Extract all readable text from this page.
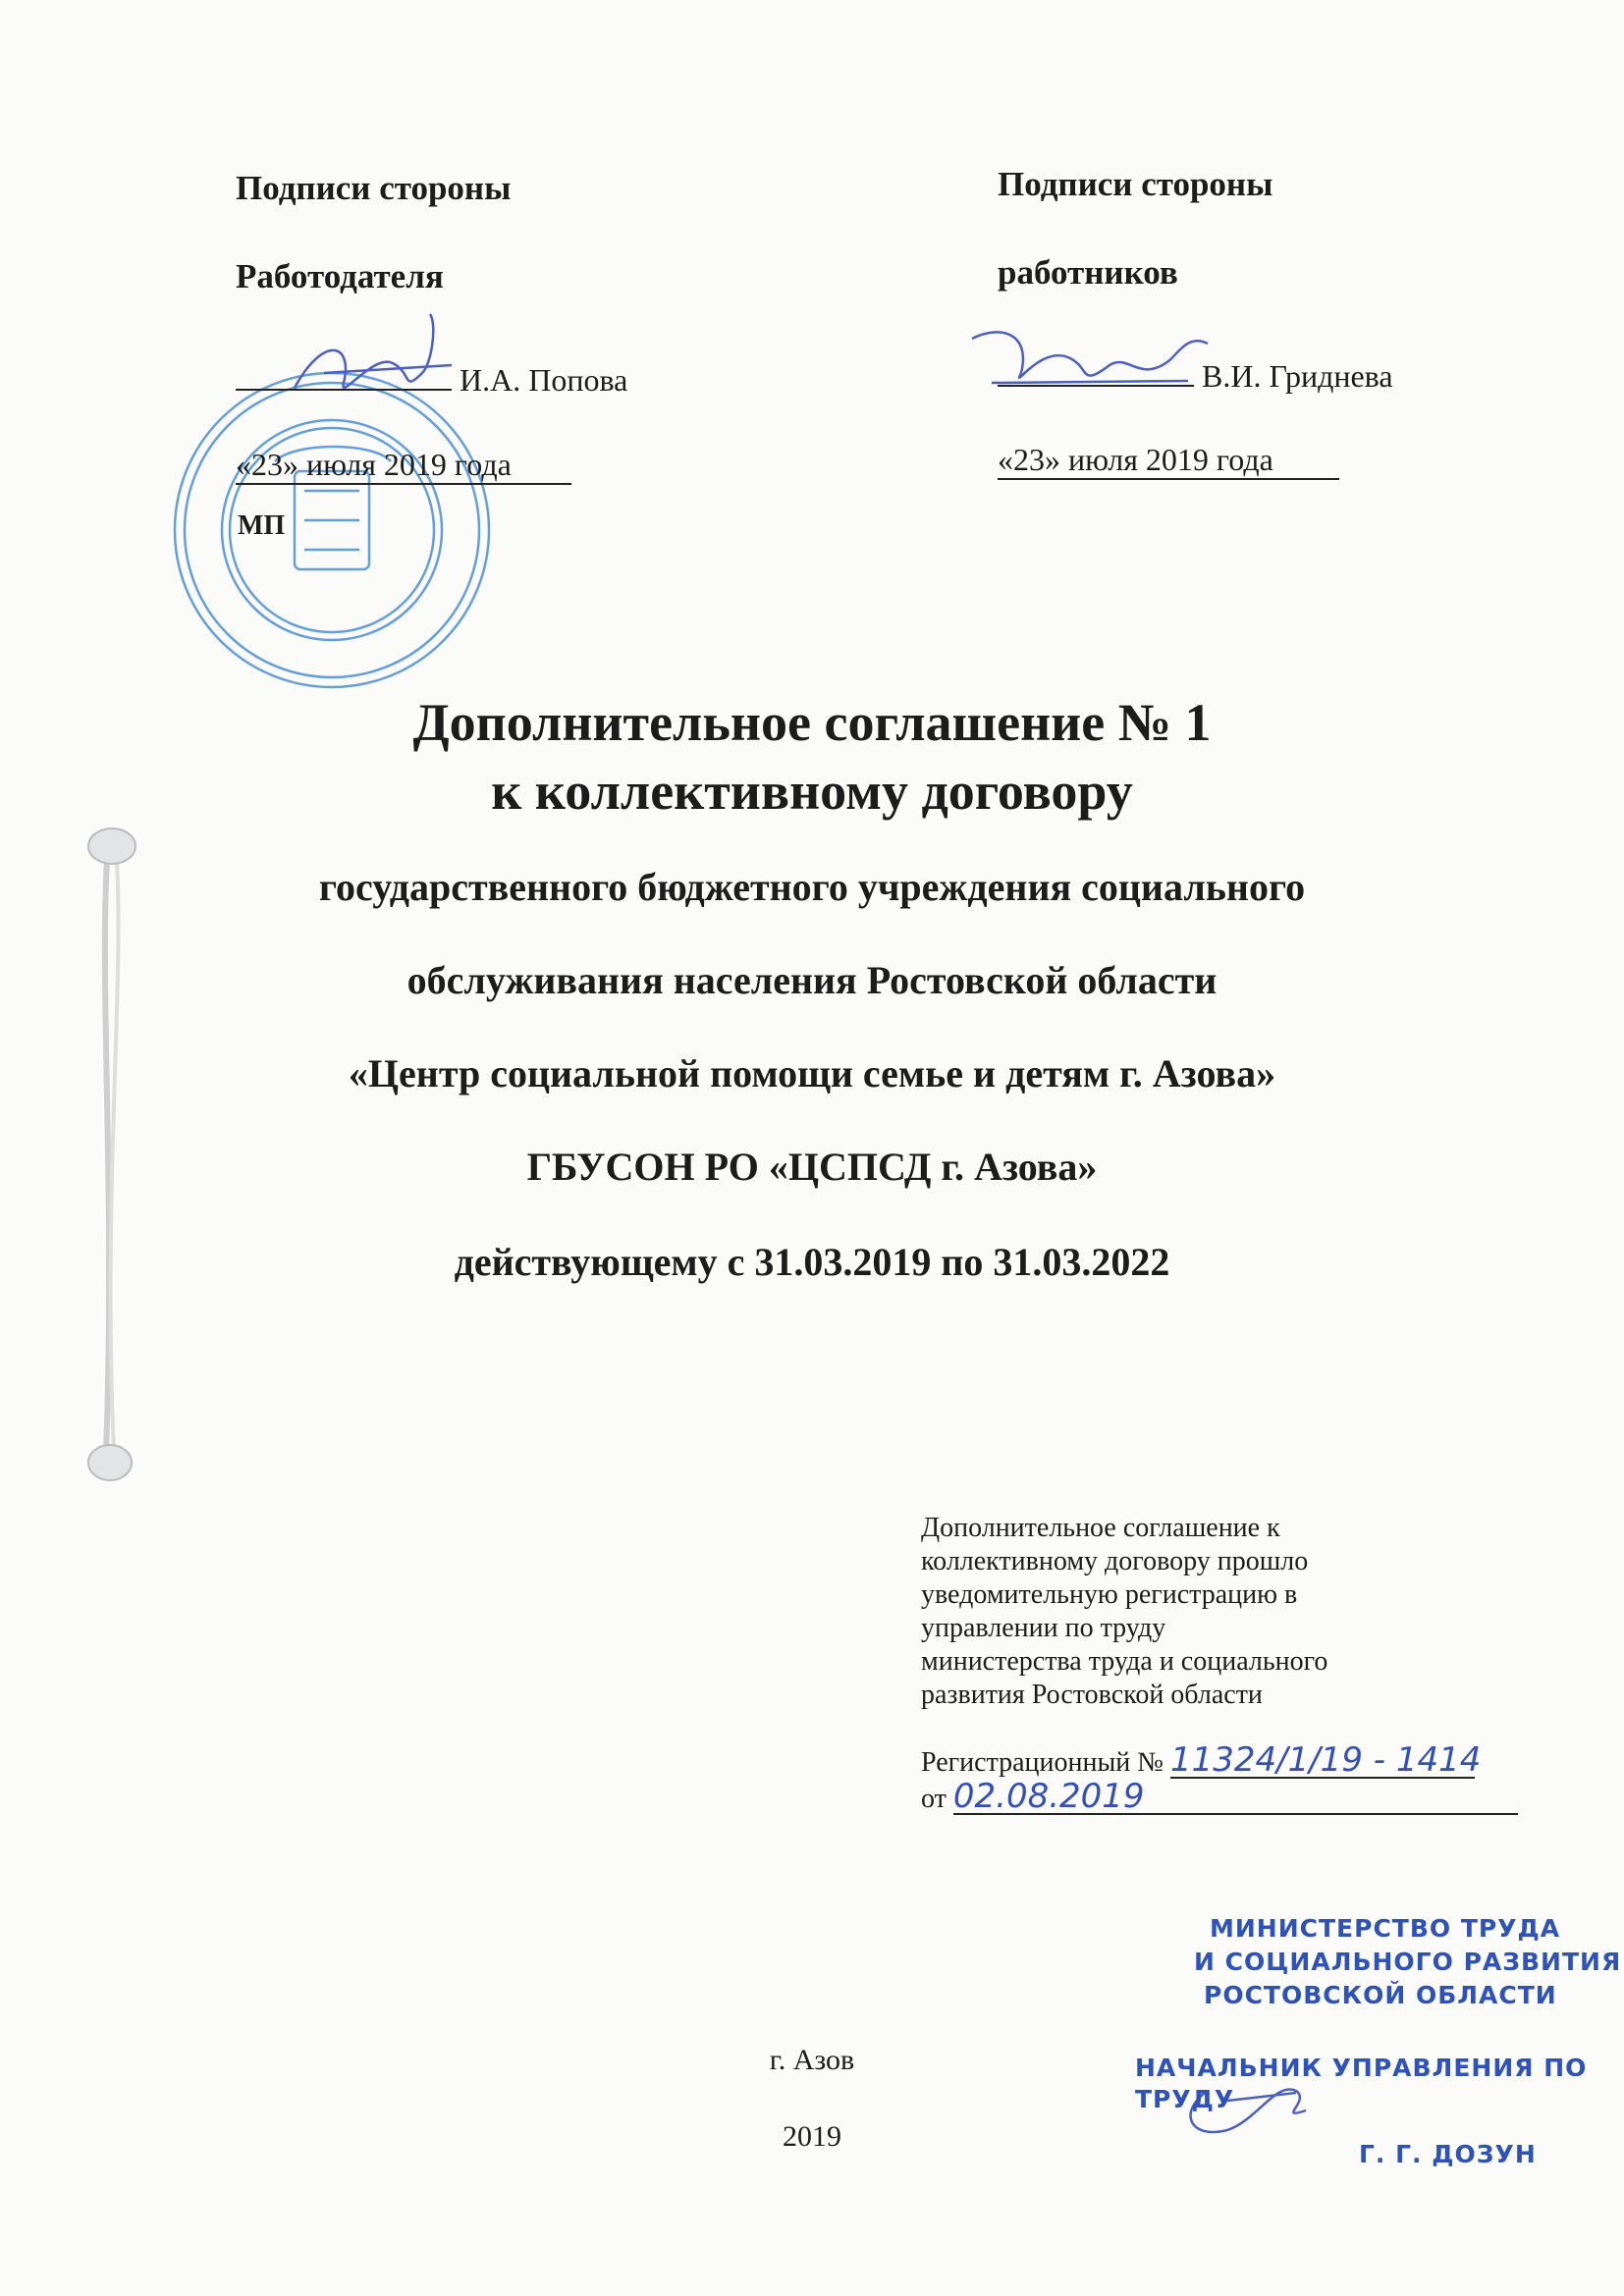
Подписи стороны
Работодателя
И.А. Попова
«23» июля 2019 года
МП
Подписи стороны
работников
В.И. Гриднева
«23» июля 2019 года
Дополнительное соглашение № 1
к коллективному договору
государственного бюджетного учреждения социального
обслуживания населения Ростовской области
«Центр социальной помощи семье и детям г. Азова»
ГБУСОН РО «ЦСПСД г. Азова»
действующему с 31.03.2019 по 31.03.2022
Дополнительное соглашение к
коллективному договору прошло
уведомительную регистрацию в
управлении по труду
министерства труда и социального
развития Ростовской области
Регистрационный № 11324/1/19 - 1414
от 02.08.2019
МИНИСТЕРСТВО ТРУДА
И СОЦИАЛЬНОГО РАЗВИТИЯ
РОСТОВСКОЙ ОБЛАСТИ
НАЧАЛЬНИК УПРАВЛЕНИЯ ПО
ТРУДУ
Г. Г. ДОЗУН
г. Азов
2019
